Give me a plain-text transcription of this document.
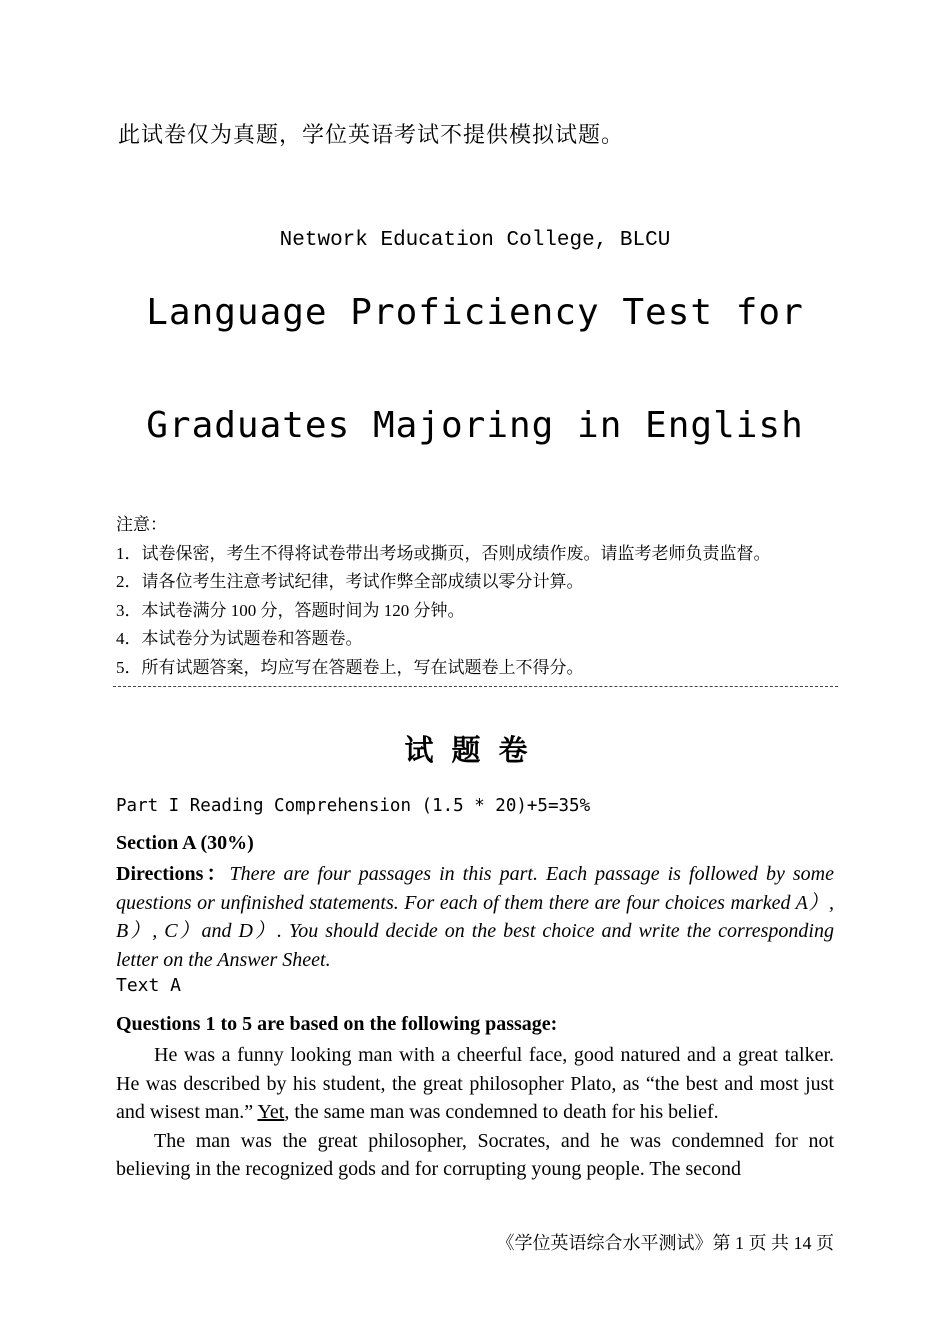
此试卷仅为真题，学位英语考试不提供模拟试题。
Network Education College, BLCU
Language Proficiency Test for
Graduates Majoring in English
注意：
1．试卷保密，考生不得将试卷带出考场或撕页，否则成绩作废。请监考老师负责监督。
2．请各位考生注意考试纪律，考试作弊全部成绩以零分计算。
3．本试卷满分 100 分，答题时间为 120 分钟。
4．本试卷分为试题卷和答题卷。
5．所有试题答案，均应写在答题卷上，写在试题卷上不得分。
试题卷
Part I Reading Comprehension (1.5 * 20)+5=35%
Section A (30%)
Directions：There are four passages in this part. Each passage is followed by some questions or unfinished statements. For each of them there are four choices marked A）, B）, C）and D）. You should decide on the best choice and write the corresponding letter on the Answer Sheet.
Text A
Questions 1 to 5 are based on the following passage:

He was a funny looking man with a cheerful face, good natured and a great talker. He was described by his student, the great philosopher Plato, as “the best and most just and wisest man.” Yet, the same man was condemned to death for his belief.

The man was the great philosopher, Socrates, and he was condemned for not believing in the recognized gods and for corrupting young people. The second

《学位英语综合水平测试》第 1 页 共 14 页
